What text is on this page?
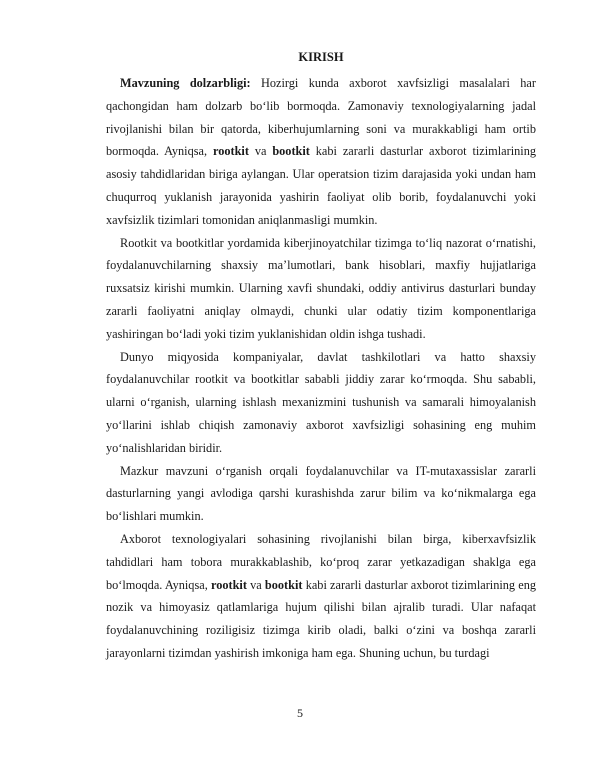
KIRISH

Mavzuning dolzarbligi: Hozirgi kunda axborot xavfsizligi masalalari har qachongidan ham dolzarb bo‘lib bormoqda. Zamonaviy texnologiyalarning jadal rivojlanishi bilan bir qatorda, kiberhujumlarning soni va murakkabligi ham ortib bormoqda. Ayniqsa, rootkit va bootkit kabi zararli dasturlar axborot tizimlarining asosiy tahdidlaridan biriga aylangan. Ular operatsion tizim darajasida yoki undan ham chuqurroq yuklanish jarayonida yashirin faoliyat olib borib, foydalanuvchi yoki xavfsizlik tizimlari tomonidan aniqlanmasligi mumkin.

Rootkit va bootkitlar yordamida kiberjinoyatchilar tizimga to‘liq nazorat o‘rnatishi, foydalanuvchilarning shaxsiy ma’lumotlari, bank hisoblari, maxfiy hujjatlariga ruxsatsiz kirishi mumkin. Ularning xavfi shundaki, oddiy antivirus dasturlari bunday zararli faoliyatni aniqlay olmaydi, chunki ular odatiy tizim komponentlariga yashiringan bo‘ladi yoki tizim yuklanishidan oldin ishga tushadi.

Dunyo miqyosida kompaniyalar, davlat tashkilotlari va hatto shaxsiy foydalanuvchilar rootkit va bootkitlar sababli jiddiy zarar ko‘rmoqda. Shu sababli, ularni o‘rganish, ularning ishlash mexanizmini tushunish va samarali himoyalanish yo‘llarini ishlab chiqish zamonaviy axborot xavfsizligi sohasining eng muhim yo‘nalishlaridan biridir.

Mazkur mavzuni o‘rganish orqali foydalanuvchilar va IT-mutaxassislar zararli dasturlarning yangi avlodiga qarshi kurashishda zarur bilim va ko‘nikmalarga ega bo‘lishlari mumkin.

Axborot texnologiyalari sohasining rivojlanishi bilan birga, kiberxavfsizlik tahdidlari ham tobora murakkablashib, ko‘proq zarar yetkazadigan shaklga ega bo‘lmoqda. Ayniqsa, rootkit va bootkit kabi zararli dasturlar axborot tizimlarining eng nozik va himoyasiz qatlamlariga hujum qilishi bilan ajralib turadi. Ular nafaqat foydalanuvchining roziligisiz tizimga kirib oladi, balki o‘zini va boshqa zararli jarayonlarni tizimdan yashirish imkoniga ham ega. Shuning uchun, bu turdagi

5
